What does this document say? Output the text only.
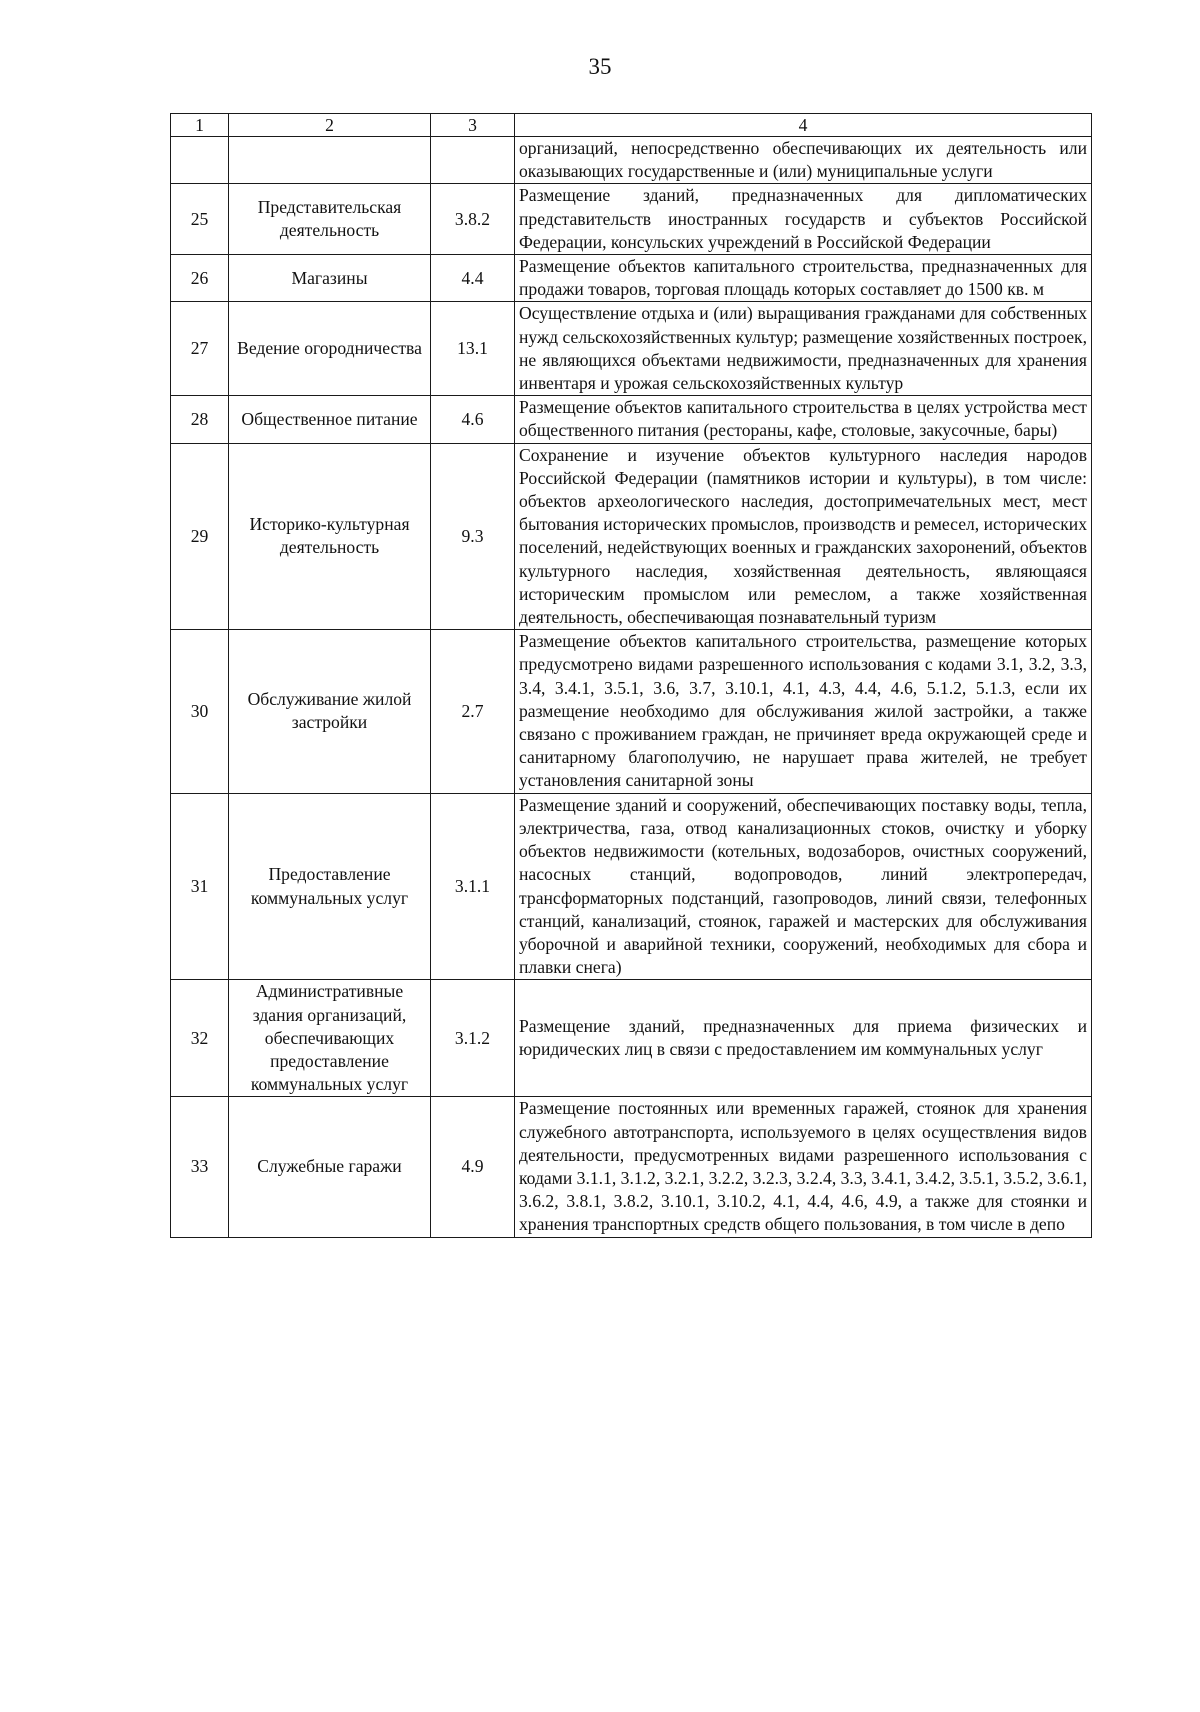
35
1	2	3	4
			организаций, непосредственно обеспечивающих их деятельность или оказывающих государственные и (или) муниципальные услуги
25	Представительская деятельность	3.8.2	Размещение зданий, предназначенных для дипломатических представительств иностранных государств и субъектов Российской Федерации, консульских учреждений в Российской Федерации
26	Магазины	4.4	Размещение объектов капитального строительства, предназначенных для продажи товаров, торговая площадь которых составляет до 1500 кв. м
27	Ведение огородничества	13.1	Осуществление отдыха и (или) выращивания гражданами для собственных нужд сельскохозяйственных культур; размещение хозяйственных построек, не являющихся объектами недвижимости, предназначенных для хранения инвентаря и урожая сельскохозяйственных культур
28	Общественное питание	4.6	Размещение объектов капитального строительства в целях устройства мест общественного питания (рестораны, кафе, столовые, закусочные, бары)
29	Историко-культурная деятельность	9.3	Сохранение и изучение объектов культурного наследия народов Российской Федерации (памятников истории и культуры), в том числе: объектов археологического наследия, достопримечательных мест, мест бытования исторических промыслов, производств и ремесел, исторических поселений, недействующих военных и гражданских захоронений, объектов культурного наследия, хозяйственная деятельность, являющаяся историческим промыслом или ремеслом, а также хозяйственная деятельность, обеспечивающая познавательный туризм
30	Обслуживание жилой застройки	2.7	Размещение объектов капитального строительства, размещение которых предусмотрено видами разрешенного использования с кодами 3.1, 3.2, 3.3, 3.4, 3.4.1, 3.5.1, 3.6, 3.7, 3.10.1, 4.1, 4.3, 4.4, 4.6, 5.1.2, 5.1.3, если их размещение необходимо для обслуживания жилой застройки, а также связано с проживанием граждан, не причиняет вреда окружающей среде и санитарному благополучию, не нарушает права жителей, не требует установления санитарной зоны
31	Предоставление коммунальных услуг	3.1.1	Размещение зданий и сооружений, обеспечивающих поставку воды, тепла, электричества, газа, отвод канализационных стоков, очистку и уборку объектов недвижимости (котельных, водозаборов, очистных сооружений, насосных станций, водопроводов, линий электропередач, трансформаторных подстанций, газопроводов, линий связи, телефонных станций, канализаций, стоянок, гаражей и мастерских для обслуживания уборочной и аварийной техники, сооружений, необходимых для сбора и плавки снега)
32	Административные здания организаций, обеспечивающих предоставление коммунальных услуг	3.1.2	Размещение зданий, предназначенных для приема физических и юридических лиц в связи с предоставлением им коммунальных услуг
33	Служебные гаражи	4.9	Размещение постоянных или временных гаражей, стоянок для хранения служебного автотранспорта, используемого в целях осуществления видов деятельности, предусмотренных видами разрешенного использования с кодами 3.1.1, 3.1.2, 3.2.1, 3.2.2, 3.2.3, 3.2.4, 3.3, 3.4.1, 3.4.2, 3.5.1, 3.5.2, 3.6.1, 3.6.2, 3.8.1, 3.8.2, 3.10.1, 3.10.2, 4.1, 4.4, 4.6, 4.9, а также для стоянки и хранения транспортных средств общего пользования, в том числе в депо
